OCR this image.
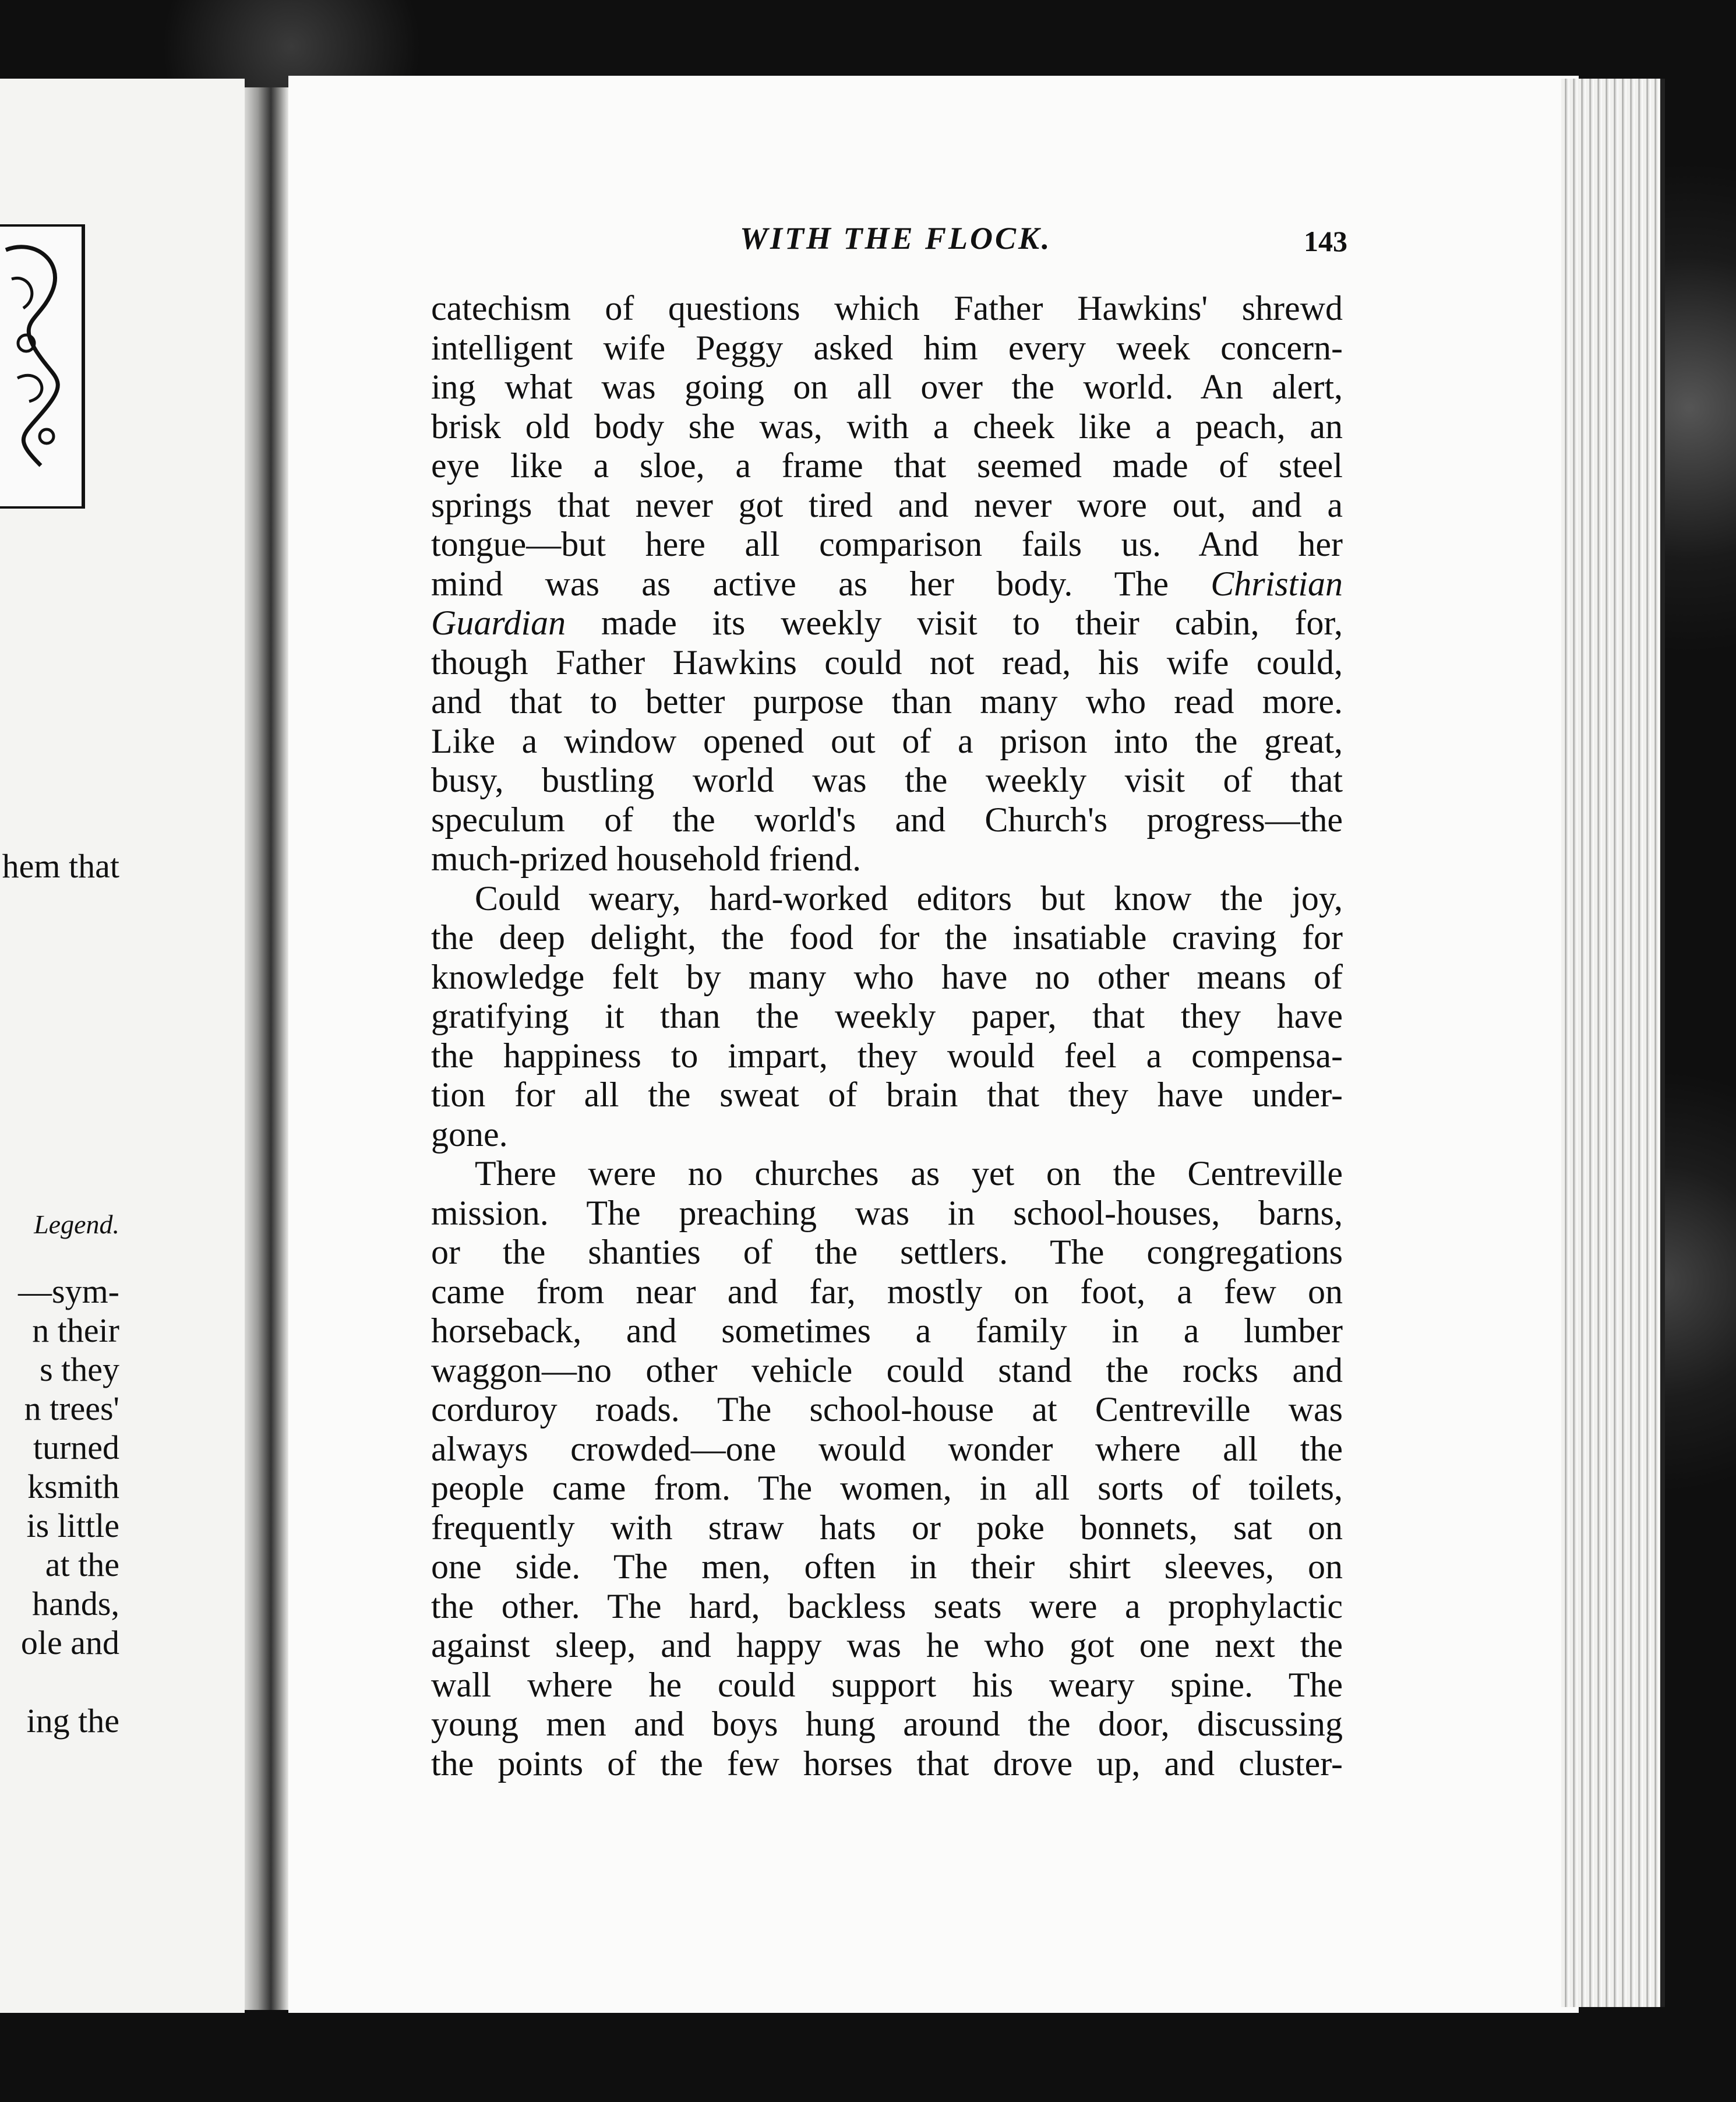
hem that
Legend.
—sym-
n their
s they
n trees'
turned
ksmith
is little
at the
hands,
ole and
ing the
WITH THE FLOCK.	143
catechism of questions which Father Hawkins' shrewd
intelligent wife Peggy asked him every week concern-
ing what was going on all over the world. An alert,
brisk old body she was, with a cheek like a peach, an
eye like a sloe, a frame that seemed made of steel
springs that never got tired and never wore out, and a
tongue—but here all comparison fails us. And her
mind was as active as her body. The Christian
Guardian made its weekly visit to their cabin, for,
though Father Hawkins could not read, his wife could,
and that to better purpose than many who read more.
Like a window opened out of a prison into the great,
busy, bustling world was the weekly visit of that
speculum of the world's and Church's progress—the
much-prized household friend.
Could weary, hard-worked editors but know the joy,
the deep delight, the food for the insatiable craving for
knowledge felt by many who have no other means of
gratifying it than the weekly paper, that they have
the happiness to impart, they would feel a compensa-
tion for all the sweat of brain that they have under-
gone.
There were no churches as yet on the Centreville
mission. The preaching was in school-houses, barns,
or the shanties of the settlers. The congregations
came from near and far, mostly on foot, a few on
horseback, and sometimes a family in a lumber
waggon—no other vehicle could stand the rocks and
corduroy roads. The school-house at Centreville was
always crowded—one would wonder where all the
people came from. The women, in all sorts of toilets,
frequently with straw hats or poke bonnets, sat on
one side. The men, often in their shirt sleeves, on
the other. The hard, backless seats were a prophylactic
against sleep, and happy was he who got one next the
wall where he could support his weary spine. The
young men and boys hung around the door, discussing
the points of the few horses that drove up, and cluster-
